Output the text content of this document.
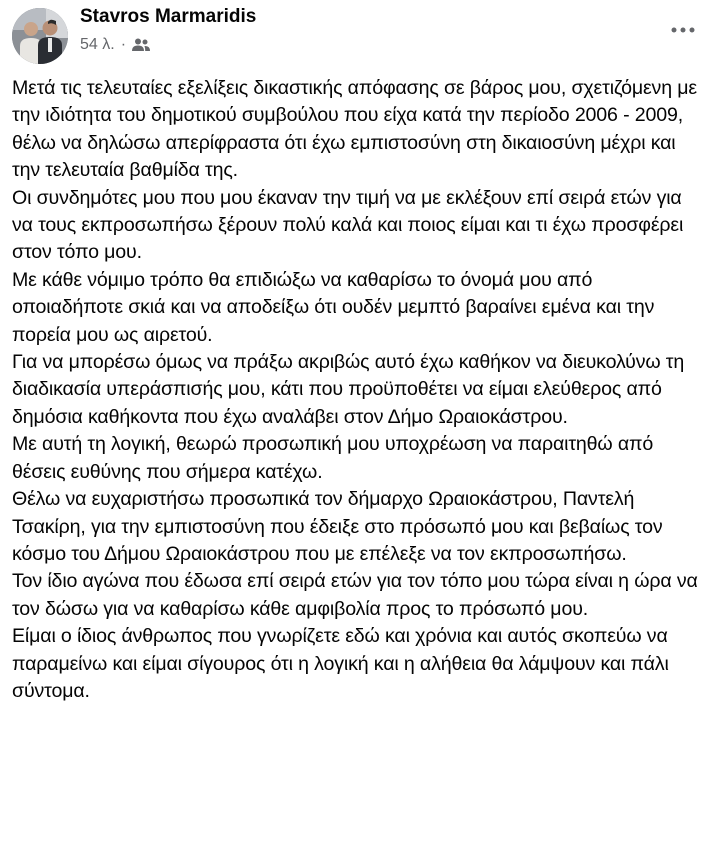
Stavros Marmaridis
54 λ. ·

Μετά τις τελευταίες εξελίξεις δικαστικής απόφασης σε βάρος μου, σχετιζόμενη με την ιδιότητα του δημοτικού συμβούλου που είχα κατά την περίοδο 2006 - 2009, θέλω να δηλώσω απερίφραστα ότι έχω εμπιστοσύνη στη δικαιοσύνη μέχρι και την τελευταία βαθμίδα της.

Οι συνδημότες μου που μου έκαναν την τιμή να με εκλέξουν επί σειρά ετών για να τους εκπροσωπήσω ξέρουν πολύ καλά και ποιος είμαι και τι έχω προσφέρει στον τόπο μου.

Με κάθε νόμιμο τρόπο θα επιδιώξω να καθαρίσω το όνομά μου από οποιαδήποτε σκιά και να αποδείξω ότι ουδέν μεμπτό βαραίνει εμένα και την πορεία μου ως αιρετού.

Για να μπορέσω όμως να πράξω ακριβώς αυτό έχω καθήκον να διευκολύνω τη διαδικασία υπεράσπισής μου, κάτι που προϋποθέτει να είμαι ελεύθερος από δημόσια καθήκοντα που έχω αναλάβει στον Δήμο Ωραιοκάστρου.

Με αυτή τη λογική, θεωρώ προσωπική μου υποχρέωση να παραιτηθώ από θέσεις ευθύνης που σήμερα κατέχω.

Θέλω να ευχαριστήσω προσωπικά τον δήμαρχο Ωραιοκάστρου, Παντελή Τσακίρη, για την εμπιστοσύνη που έδειξε στο πρόσωπό μου και βεβαίως τον κόσμο του Δήμου Ωραιοκάστρου που με επέλεξε να τον εκπροσωπήσω.

Τον ίδιο αγώνα που έδωσα επί σειρά ετών για τον τόπο μου τώρα είναι η ώρα να τον δώσω για να καθαρίσω κάθε αμφιβολία προς το πρόσωπό μου.

Είμαι ο ίδιος άνθρωπος που γνωρίζετε εδώ και χρόνια και αυτός σκοπεύω να παραμείνω και είμαι σίγουρος ότι η λογική και η αλήθεια θα λάμψουν και πάλι σύντομα.
